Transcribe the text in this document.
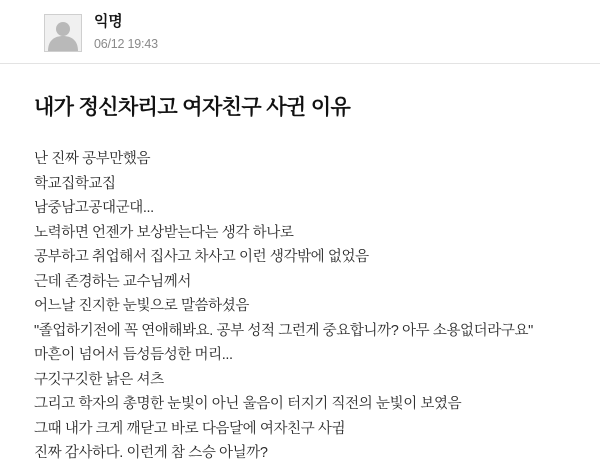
익명
06/12 19:43
내가 정신차리고 여자친구 사귄 이유

난 진짜 공부만했음

학교집학교집

남중남고공대군대...

노력하면 언젠가 보상받는다는 생각 하나로

공부하고 취업해서 집사고 차사고 이런 생각밖에 없었음

근데 존경하는 교수님께서

어느날 진지한 눈빛으로 말씀하셨음

"졸업하기전에 꼭 연애해봐요. 공부 성적 그런게 중요합니까? 아무 소용없더라구요"

마흔이 넘어서 듬성듬성한 머리...

구깃구깃한 낡은 셔츠

그리고 학자의 총명한 눈빛이 아닌 울음이 터지기 직전의 눈빛이 보였음

그때 내가 크게 깨닫고 바로 다음달에 여자친구 사귐

진짜 감사하다. 이런게 참 스승 아닐까?
